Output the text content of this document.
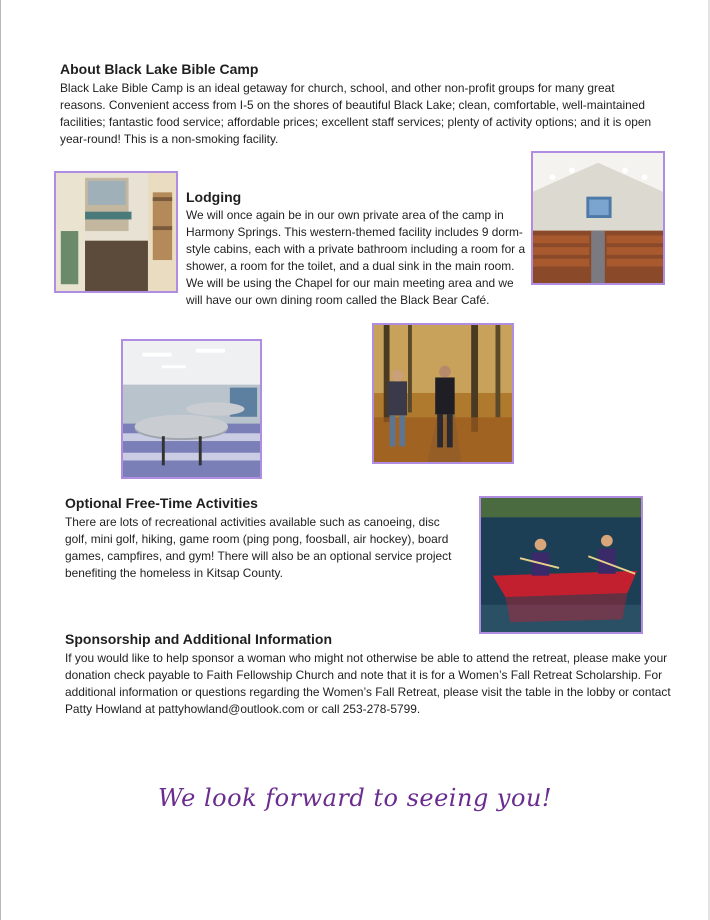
About Black Lake Bible Camp

Black Lake Bible Camp is an ideal getaway for church, school, and other non-profit groups for many great reasons. Convenient access from I-5 on the shores of beautiful Black Lake; clean, comfortable, well-maintained facilities; fantastic food service; affordable prices; excellent staff services; plenty of activity options; and it is open year-round! This is a non-smoking facility.

Lodging

We will once again be in our own private area of the camp in Harmony Springs. This western-themed facility includes 9 dorm-style cabins, each with a private bathroom including a room for a shower, a room for the toilet, and a dual sink in the main room. We will be using the Chapel for our main meeting area and we will have our own dining room called the Black Bear Café.

Optional Free-Time Activities

There are lots of recreational activities available such as canoeing, disc golf, mini golf, hiking, game room (ping pong, foosball, air hockey), board games, campfires, and gym! There will also be an optional service project benefiting the homeless in Kitsap County.

Sponsorship and Additional Information

If you would like to help sponsor a woman who might not otherwise be able to attend the retreat, please make your donation check payable to Faith Fellowship Church and note that it is for a Women’s Fall Retreat Scholarship. For additional information or questions regarding the Women’s Fall Retreat, please visit the table in the lobby or contact Patty Howland at pattyhowland@outlook.com or call 253-278-5799.

We look forward to seeing you!
